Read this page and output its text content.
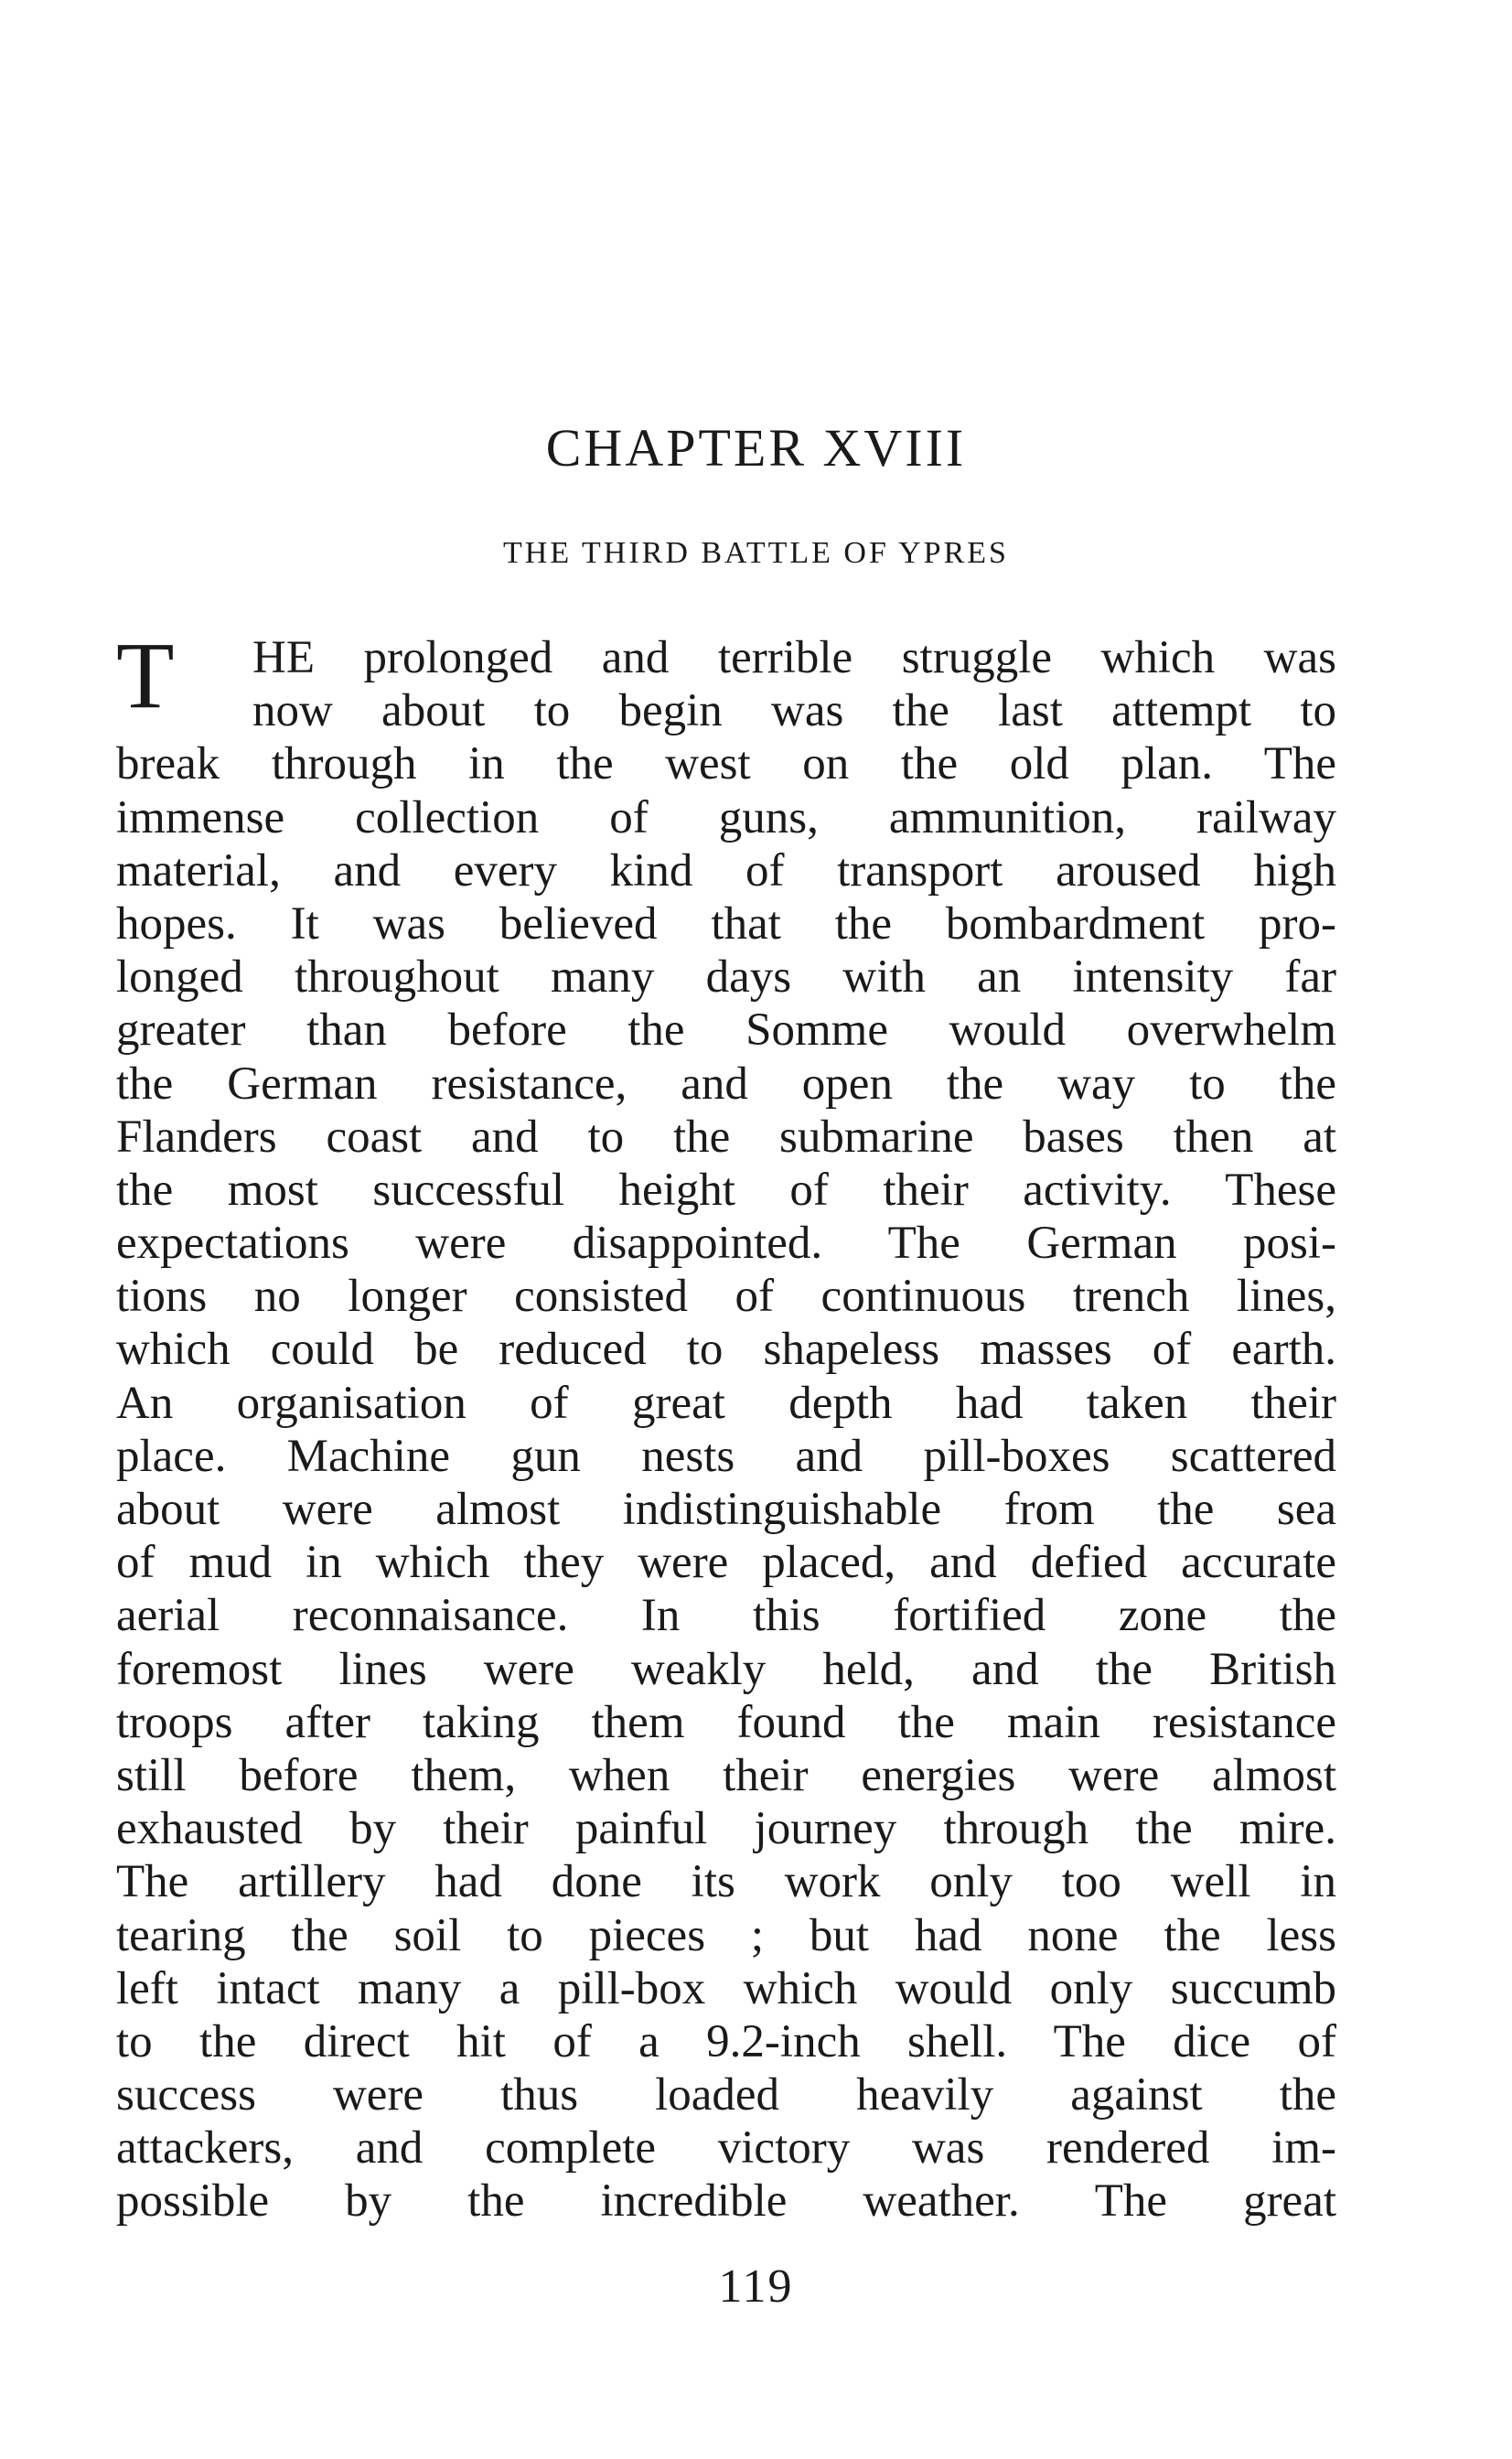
CHAPTER XVIII
THE THIRD BATTLE OF YPRES
T	HE prolonged and terrible struggle which was
now about to begin was the last attempt to
break through in the west on the old plan. The
immense collection of guns, ammunition, railway
material, and every kind of transport aroused high
hopes. It was believed that the bombardment pro-
longed throughout many days with an intensity far
greater than before the Somme would overwhelm
the German resistance, and open the way to the
Flanders coast and to the submarine bases then at
the most successful height of their activity. These
expectations were disappointed. The German posi-
tions no longer consisted of continuous trench lines,
which could be reduced to shapeless masses of earth.
An organisation of great depth had taken their
place. Machine gun nests and pill-boxes scattered
about were almost indistinguishable from the sea
of mud in which they were placed, and defied accurate
aerial reconnaisance. In this fortified zone the
foremost lines were weakly held, and the British
troops after taking them found the main resistance
still before them, when their energies were almost
exhausted by their painful journey through the mire.
The artillery had done its work only too well in
tearing the soil to pieces ; but had none the less
left intact many a pill-box which would only succumb
to the direct hit of a 9.2-inch shell. The dice of
success were thus loaded heavily against the
attackers, and complete victory was rendered im-
possible by the incredible weather. The great
119
